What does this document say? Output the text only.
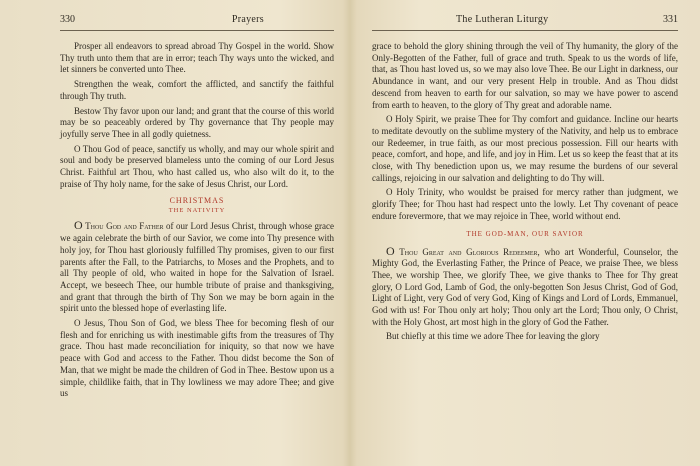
330	Prayers

Prosper all endeavors to spread abroad Thy Gospel in the world. Show Thy truth unto them that are in error; teach Thy ways unto the wicked, and let sinners be converted unto Thee.

Strengthen the weak, comfort the afflicted, and sanctify the faithful through Thy truth.

Bestow Thy favor upon our land; and grant that the course of this world may be so peaceably ordered by Thy governance that Thy people may joyfully serve Thee in all godly quietness.

O Thou God of peace, sanctify us wholly, and may our whole spirit and soul and body be preserved blameless unto the coming of our Lord Jesus Christ. Faithful art Thou, who hast called us, who also wilt do it, to the praise of Thy holy name, for the sake of Jesus Christ, our Lord.

CHRISTMAS
THE NATIVITY

O Thou God and Father of our Lord Jesus Christ, through whose grace we again celebrate the birth of our Savior, we come into Thy presence with holy joy, for Thou hast gloriously fulfilled Thy promises, given to our first parents after the Fall, to the Patriarchs, to Moses and the Prophets, and to all Thy people of old, who waited in hope for the Salvation of Israel. Accept, we beseech Thee, our humble tribute of praise and thanksgiving, and grant that through the birth of Thy Son we may be born again in the spirit unto the blessed hope of everlasting life.

O Jesus, Thou Son of God, we bless Thee for becoming flesh of our flesh and for enriching us with inestimable gifts from the treasures of Thy grace. Thou hast made reconciliation for iniquity, so that now we have peace with God and access to the Father. Thou didst become the Son of Man, that we might be made the children of God in Thee. Bestow upon us a simple, childlike faith, that in Thy lowliness we may adore Thee; and give us

The Lutheran Liturgy	331

grace to behold the glory shining through the veil of Thy humanity, the glory of the Only-Begotten of the Father, full of grace and truth. Speak to us the words of life, that, as Thou hast loved us, so we may also love Thee. Be our Light in darkness, our Abundance in want, and our very present Help in trouble. And as Thou didst descend from heaven to earth for our salvation, so may we have power to ascend from earth to heaven, to the glory of Thy great and adorable name.

O Holy Spirit, we praise Thee for Thy comfort and guidance. Incline our hearts to meditate devoutly on the sublime mystery of the Nativity, and help us to embrace our Redeemer, in true faith, as our most precious possession. Fill our hearts with peace, comfort, and hope, and life, and joy in Him. Let us so keep the feast that at its close, with Thy benediction upon us, we may resume the burdens of our several callings, rejoicing in our salvation and delighting to do Thy will.

O Holy Trinity, who wouldst be praised for mercy rather than judgment, we glorify Thee; for Thou hast had respect unto the lowly. Let Thy covenant of peace endure forevermore, that we may rejoice in Thee, world without end.

THE GOD-MAN, OUR SAVIOR

O Thou Great and Glorious Redeemer, who art Wonderful, Counselor, the Mighty God, the Everlasting Father, the Prince of Peace, we praise Thee, we bless Thee, we worship Thee, we glorify Thee, we give thanks to Thee for Thy great glory, O Lord God, Lamb of God, the only-begotten Son Jesus Christ, God of God, Light of Light, very God of very God, King of Kings and Lord of Lords, Emmanuel, God with us! For Thou only art holy; Thou only art the Lord; Thou only, O Christ, with the Holy Ghost, art most high in the glory of God the Father.

But chiefly at this time we adore Thee for leaving the glory
